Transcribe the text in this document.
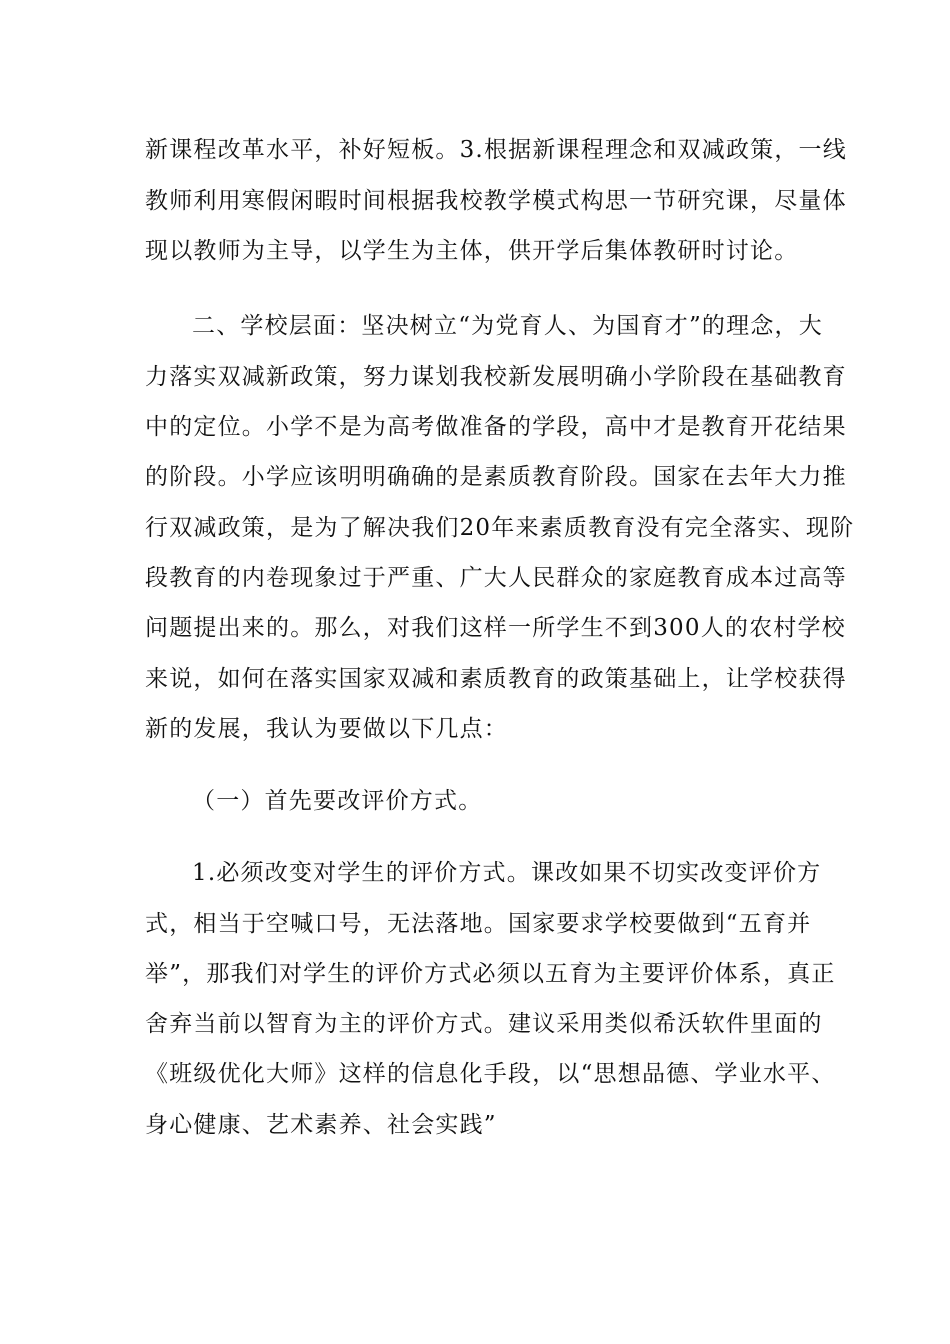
新课程改革水平，补好短板。3.根据新课程理念和双减政策，一线
教师利用寒假闲暇时间根据我校教学模式构思一节研究课，尽量体
现以教师为主导，以学生为主体，供开学后集体教研时讨论。
二、学校层面：坚决树立“为党育人、为国育才”的理念，大
力落实双减新政策，努力谋划我校新发展明确小学阶段在基础教育
中的定位。小学不是为高考做准备的学段，高中才是教育开花结果
的阶段。小学应该明明确确的是素质教育阶段。国家在去年大力推
行双减政策，是为了解决我们20年来素质教育没有完全落实、现阶
段教育的内卷现象过于严重、广大人民群众的家庭教育成本过高等
问题提出来的。那么，对我们这样一所学生不到300人的农村学校
来说，如何在落实国家双减和素质教育的政策基础上，让学校获得
新的发展，我认为要做以下几点：
（一）首先要改评价方式。
1.必须改变对学生的评价方式。课改如果不切实改变评价方
式，相当于空喊口号，无法落地。国家要求学校要做到“五育并
举”，那我们对学生的评价方式必须以五育为主要评价体系，真正
舍弃当前以智育为主的评价方式。建议采用类似希沃软件里面的
《班级优化大师》这样的信息化手段，以“思想品德、学业水平、
身心健康、艺术素养、社会实践”
